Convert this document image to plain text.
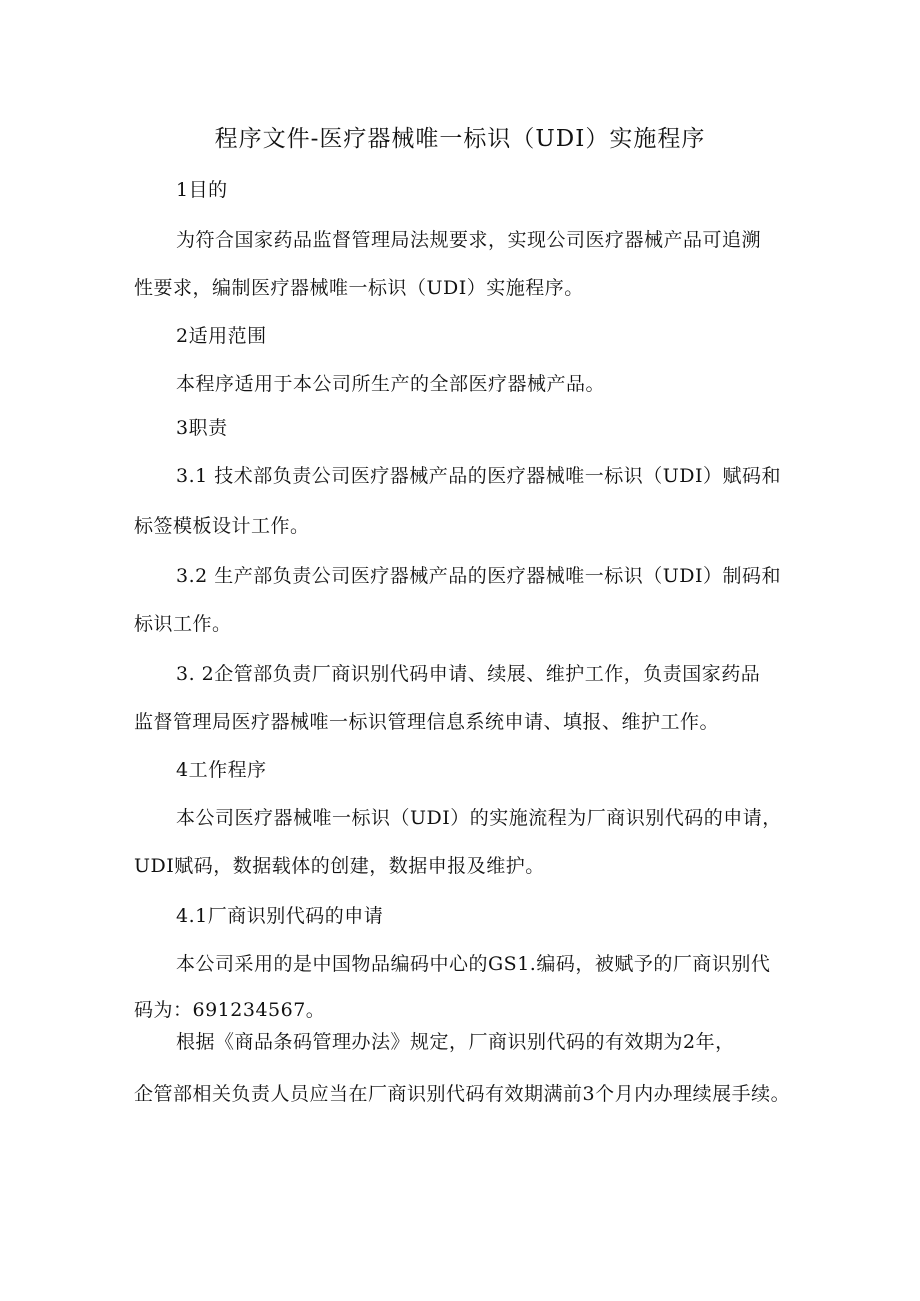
程序文件-医疗器械唯一标识（UDI）实施程序
1目的
为符合国家药品监督管理局法规要求，实现公司医疗器械产品可追溯
性要求，编制医疗器械唯一标识（UDI）实施程序。
2适用范围
本程序适用于本公司所生产的全部医疗器械产品。
3职责
3.1 技术部负责公司医疗器械产品的医疗器械唯一标识（UDI）赋码和
标签模板设计工作。
3.2 生产部负责公司医疗器械产品的医疗器械唯一标识（UDI）制码和
标识工作。
3. 2企管部负责厂商识别代码申请、续展、维护工作，负责国家药品
监督管理局医疗器械唯一标识管理信息系统申请、填报、维护工作。
4工作程序
本公司医疗器械唯一标识（UDI）的实施流程为厂商识别代码的申请，
UDI赋码，数据载体的创建，数据申报及维护。
4.1厂商识别代码的申请
本公司采用的是中国物品编码中心的GS1.编码，被赋予的厂商识别代
码为：691234567。
根据《商品条码管理办法》规定，厂商识别代码的有效期为2年，
企管部相关负责人员应当在厂商识别代码有效期满前3个月内办理续展手续。
